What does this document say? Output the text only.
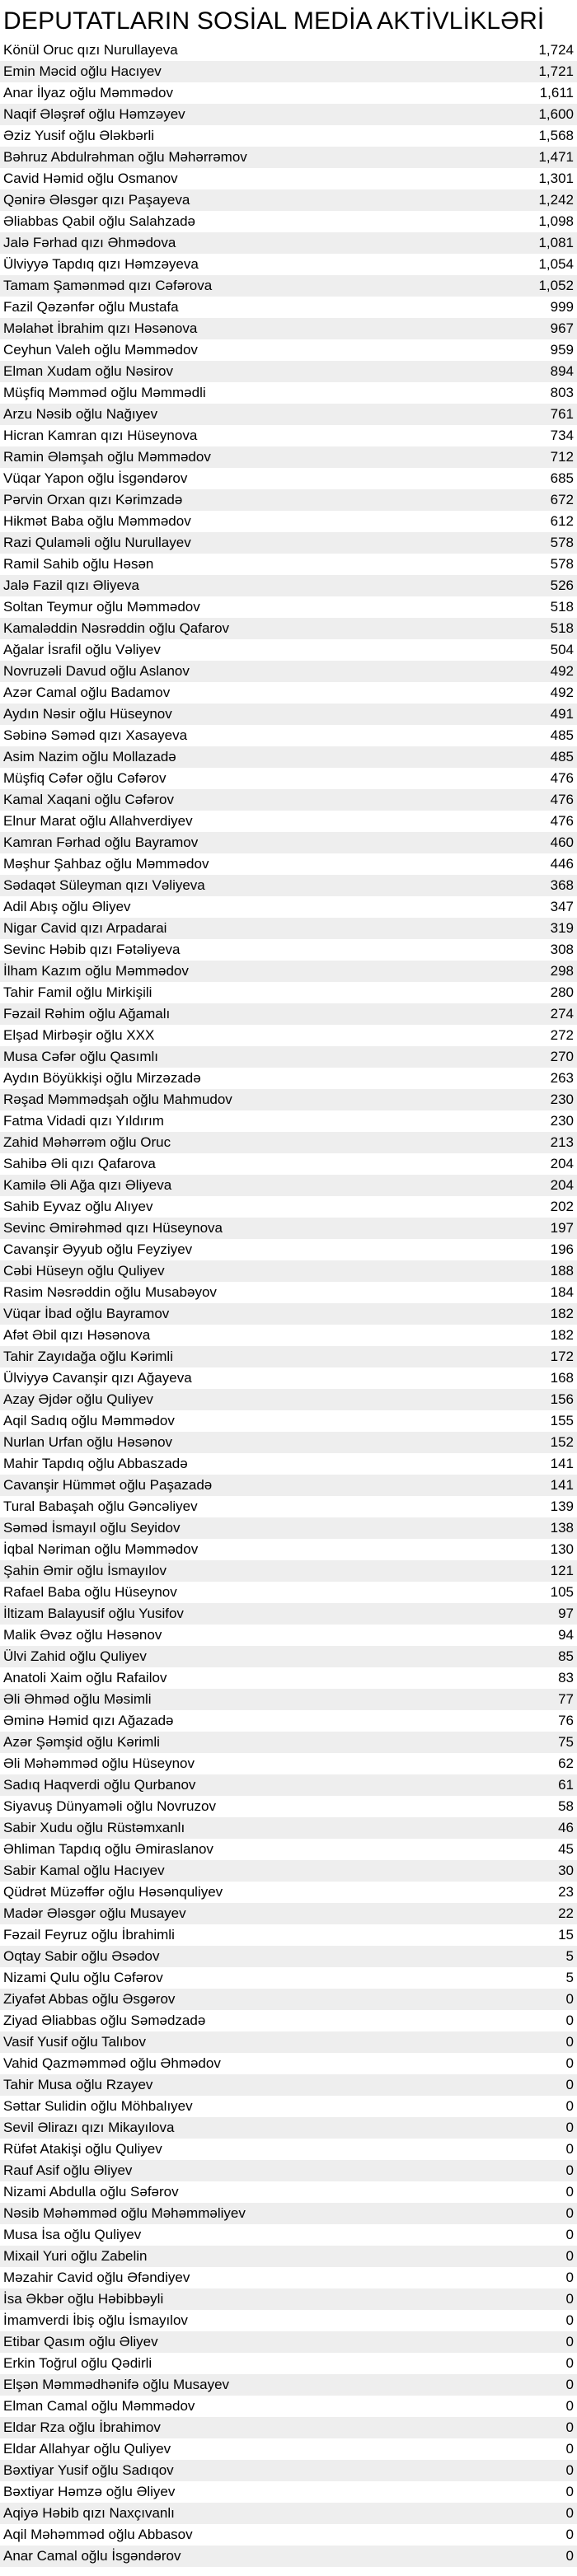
DEPUTATLARIN SOSİAL MEDİA AKTİVLİKLƏRİ
Könül Oruc qızı Nurullayeva	1,724
Emin Məcid oğlu Hacıyev	1,721
Anar İlyaz oğlu Məmmədov	1,611
Naqif Ələşrəf oğlu Həmzəyev	1,600
Əziz Yusif oğlu Ələkbərli	1,568
Bəhruz Abdulrəhman oğlu Məhərrəmov	1,471
Cavid Həmid oğlu Osmanov	1,301
Qənirə Ələsgər qızı Paşayeva	1,242
Əliabbas Qabil oğlu Salahzadə	1,098
Jalə Fərhad qızı Əhmədova	1,081
Ülviyyə Tapdıq qızı Həmzəyeva	1,054
Tamam Şamənməd qızı Cəfərova	1,052
Fazil Qəzənfər oğlu Mustafa	999
Məlahət İbrahim qızı Həsənova	967
Ceyhun Valeh oğlu Məmmədov	959
Elman Xudam oğlu Nəsirov	894
Müşfiq Məmməd oğlu Məmmədli	803
Arzu Nəsib oğlu Nağıyev	761
Hicran Kamran qızı Hüseynova	734
Ramin Ələmşah oğlu Məmmədov	712
Vüqar Yapon oğlu İsgəndərov	685
Pərvin Orxan qızı Kərimzadə	672
Hikmət Baba oğlu Məmmədov	612
Razi Qulaməli oğlu Nurullayev	578
Ramil Sahib oğlu Həsən	578
Jalə Fazil qızı Əliyeva	526
Soltan Teymur oğlu Məmmədov	518
Kamaləddin Nəsrəddin oğlu Qafarov	518
Ağalar İsrafil oğlu Vəliyev	504
Novruzəli Davud oğlu Aslanov	492
Azər Camal oğlu Badamov	492
Aydın Nəsir oğlu Hüseynov	491
Səbinə Səməd qızı Xasayeva	485
Asim Nazim oğlu Mollazadə	485
Müşfiq Cəfər oğlu Cəfərov	476
Kamal Xaqani oğlu Cəfərov	476
Elnur Marat oğlu Allahverdiyev	476
Kamran Fərhad oğlu Bayramov	460
Məşhur Şahbaz oğlu Məmmədov	446
Sədaqət Süleyman qızı Vəliyeva	368
Adil Abış oğlu Əliyev	347
Nigar Cavid qızı Arpadarai	319
Sevinc Həbib qızı Fətəliyeva	308
İlham Kazım oğlu Məmmədov	298
Tahir Famil oğlu Mirkişili	280
Fəzail Rəhim oğlu Ağamalı	274
Elşad Mirbəşir oğlu XXX	272
Musa Cəfər oğlu Qasımlı	270
Aydın Böyükkişi oğlu Mirzəzadə	263
Rəşad Məmmədşah oğlu Mahmudov	230
Fatma Vidadi qızı Yıldırım	230
Zahid Məhərrəm oğlu Oruc	213
Sahibə Əli qızı Qafarova	204
Kamilə Əli Ağa qızı Əliyeva	204
Sahib Eyvaz oğlu Alıyev	202
Sevinc Əmirəhməd qızı Hüseynova	197
Cavanşir Əyyub oğlu Feyziyev	196
Cəbi Hüseyn oğlu Quliyev	188
Rasim Nəsrəddin oğlu Musabəyov	184
Vüqar İbad oğlu Bayramov	182
Afət Əbil qızı Həsənova	182
Tahir Zayıdağa oğlu Kərimli	172
Ülviyyə Cavanşir qızı Ağayeva	168
Azay Əjdər oğlu Quliyev	156
Aqil Sadıq oğlu Məmmədov	155
Nurlan Urfan oğlu Həsənov	152
Mahir Tapdıq oğlu Abbaszadə	141
Cavanşir Hümmət oğlu Paşazadə	141
Tural Babaşah oğlu Gəncəliyev	139
Səməd İsmayıl oğlu Seyidov	138
İqbal Nəriman oğlu Məmmədov	130
Şahin Əmir oğlu İsmayılov	121
Rafael Baba oğlu Hüseynov	105
İltizam Balayusif oğlu Yusifov	97
Malik Əvəz oğlu Həsənov	94
Ülvi Zahid oğlu Quliyev	85
Anatoli Xaim oğlu Rafailov	83
Əli Əhməd oğlu Məsimli	77
Əminə Həmid qızı Ağazadə	76
Azər Şəmşid oğlu Kərimli	75
Əli Məhəmməd oğlu Hüseynov	62
Sadıq Haqverdi oğlu Qurbanov	61
Siyavuş Dünyaməli oğlu Novruzov	58
Sabir Xudu oğlu Rüstəmxanlı	46
Əhliman Tapdıq oğlu Əmiraslanov	45
Sabir Kamal oğlu Hacıyev	30
Qüdrət Müzəffər oğlu Həsənquliyev	23
Madər Ələsgər oğlu Musayev	22
Fəzail Feyruz oğlu İbrahimli	15
Oqtay Sabir oğlu Əsədov	5
Nizami Qulu oğlu Cəfərov	5
Ziyafət Abbas oğlu Əsgərov	0
Ziyad Əliabbas oğlu Səmədzadə	0
Vasif Yusif oğlu Talıbov	0
Vahid Qazməmməd oğlu Əhmədov	0
Tahir Musa oğlu Rzayev	0
Səttar Sulidin oğlu Möhbalıyev	0
Sevil Əlirazı qızı Mikayılova	0
Rüfət Atakişi oğlu Quliyev	0
Rauf Asif oğlu Əliyev	0
Nizami Abdulla oğlu Səfərov	0
Nəsib Məhəmməd oğlu Məhəmməliyev	0
Musa İsa oğlu Quliyev	0
Mixail Yuri oğlu Zabelin	0
Məzahir Cavid oğlu Əfəndiyev	0
İsa Əkbər oğlu Həbibbəyli	0
İmamverdi İbiş oğlu İsmayılov	0
Etibar Qasım oğlu Əliyev	0
Erkin Toğrul oğlu Qədirli	0
Elşən Məmmədhənifə oğlu Musayev	0
Elman Camal oğlu Məmmədov	0
Eldar Rza oğlu İbrahimov	0
Eldar Allahyar oğlu Quliyev	0
Bəxtiyar Yusif oğlu Sadıqov	0
Bəxtiyar Həmzə oğlu Əliyev	0
Aqiyə Həbib qızı Naxçıvanlı	0
Aqil Məhəmməd oğlu Abbasov	0
Anar Camal oğlu İsgəndərov	0
